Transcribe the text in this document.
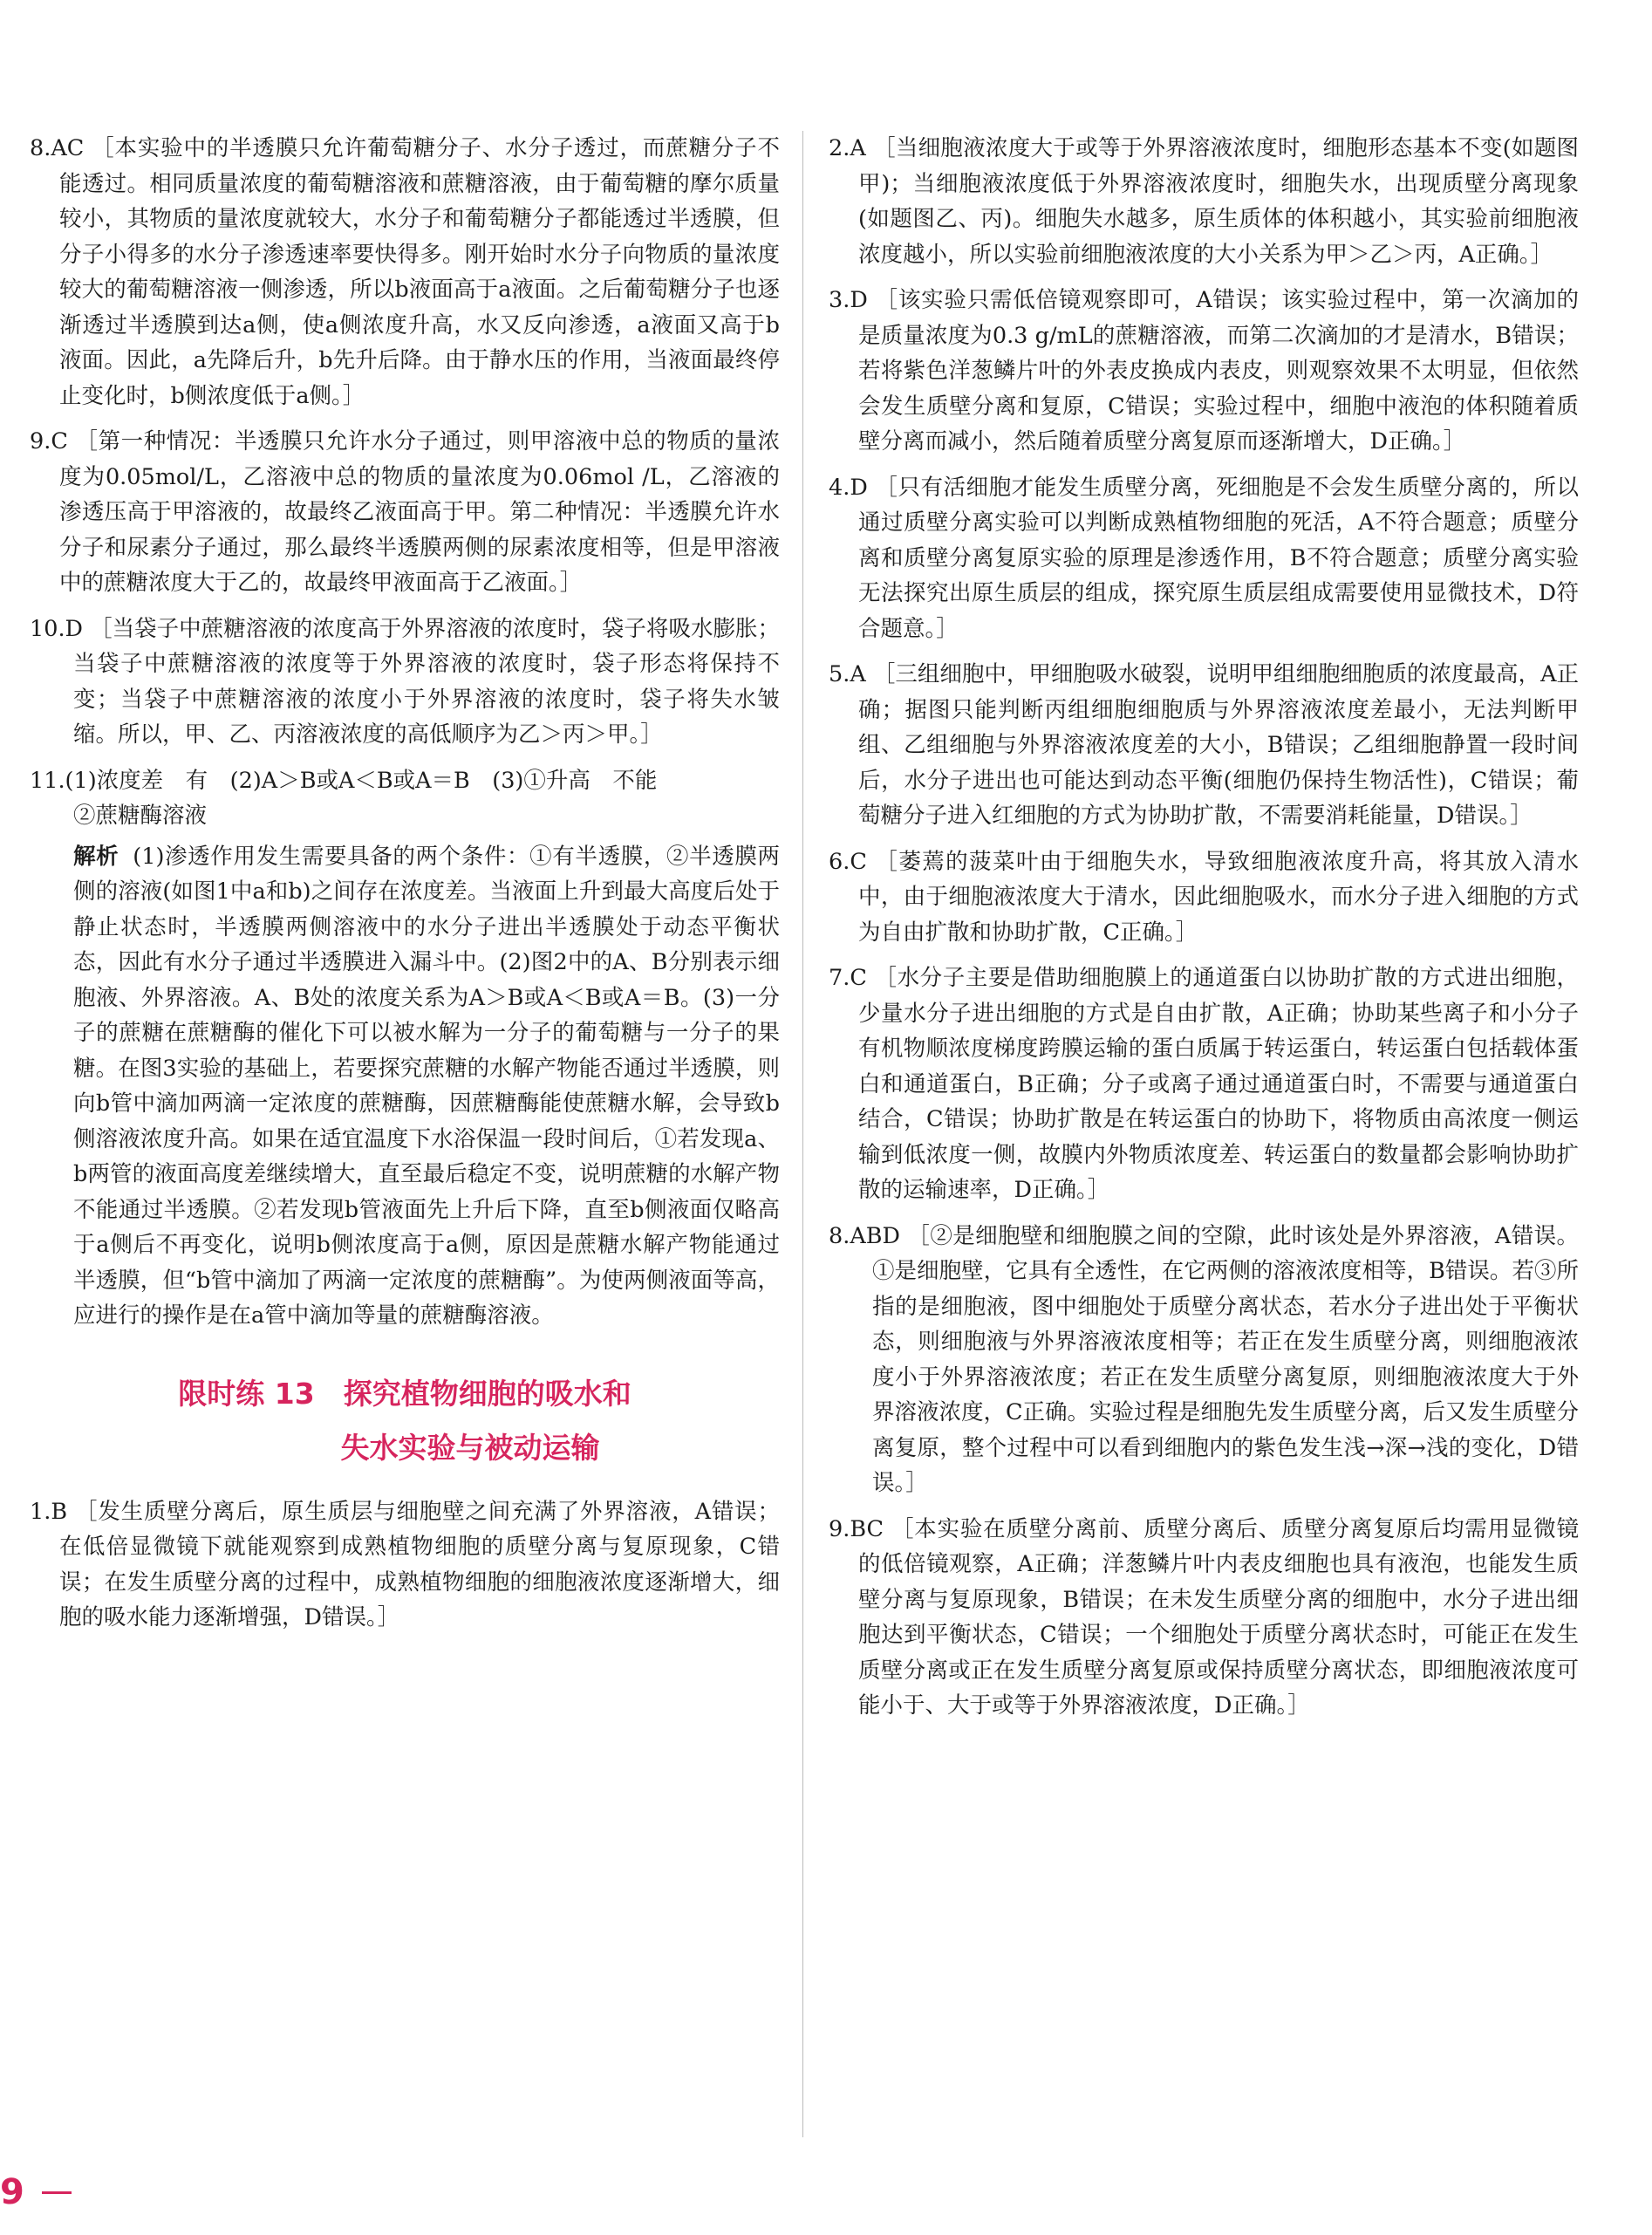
8.AC ［本实验中的半透膜只允许葡萄糖分子、水分子透过，而蔗糖分子不能透过。相同质量浓度的葡萄糖溶液和蔗糖溶液，由于葡萄糖的摩尔质量较小，其物质的量浓度就较大，水分子和葡萄糖分子都能透过半透膜，但分子小得多的水分子渗透速率要快得多。刚开始时水分子向物质的量浓度较大的葡萄糖溶液一侧渗透，所以b液面高于a液面。之后葡萄糖分子也逐渐透过半透膜到达a侧，使a侧浓度升高，水又反向渗透，a液面又高于b液面。因此，a先降后升，b先升后降。由于静水压的作用，当液面最终停止变化时，b侧浓度低于a侧。］

9.C ［第一种情况：半透膜只允许水分子通过，则甲溶液中总的物质的量浓度为0.05mol/L，乙溶液中总的物质的量浓度为0.06mol /L，乙溶液的渗透压高于甲溶液的，故最终乙液面高于甲。第二种情况：半透膜允许水分子和尿素分子通过，那么最终半透膜两侧的尿素浓度相等，但是甲溶液中的蔗糖浓度大于乙的，故最终甲液面高于乙液面。］

10.D ［当袋子中蔗糖溶液的浓度高于外界溶液的浓度时，袋子将吸水膨胀；当袋子中蔗糖溶液的浓度等于外界溶液的浓度时，袋子形态将保持不变；当袋子中蔗糖溶液的浓度小于外界溶液的浓度时，袋子将失水皱缩。所以，甲、乙、丙溶液浓度的高低顺序为乙＞丙＞甲。］

11.(1)浓度差　有　(2)A＞B或A＜B或A＝B　(3)①升高　不能

②蔗糖酶溶液

解析 (1)渗透作用发生需要具备的两个条件：①有半透膜，②半透膜两侧的溶液(如图1中a和b)之间存在浓度差。当液面上升到最大高度后处于静止状态时，半透膜两侧溶液中的水分子进出半透膜处于动态平衡状态，因此有水分子通过半透膜进入漏斗中。(2)图2中的A、B分别表示细胞液、外界溶液。A、B处的浓度关系为A＞B或A＜B或A＝B。(3)一分子的蔗糖在蔗糖酶的催化下可以被水解为一分子的葡萄糖与一分子的果糖。在图3实验的基础上，若要探究蔗糖的水解产物能否通过半透膜，则向b管中滴加两滴一定浓度的蔗糖酶，因蔗糖酶能使蔗糖水解，会导致b侧溶液浓度升高。如果在适宜温度下水浴保温一段时间后，①若发现a、b两管的液面高度差继续增大，直至最后稳定不变，说明蔗糖的水解产物不能通过半透膜。②若发现b管液面先上升后下降，直至b侧液面仅略高于a侧后不再变化，说明b侧浓度高于a侧，原因是蔗糖水解产物能通过半透膜，但“b管中滴加了两滴一定浓度的蔗糖酶”。为使两侧液面等高，应进行的操作是在a管中滴加等量的蔗糖酶溶液。

限时练 13　探究植物细胞的吸水和
失水实验与被动运输

1.B ［发生质壁分离后，原生质层与细胞壁之间充满了外界溶液，A错误；在低倍显微镜下就能观察到成熟植物细胞的质壁分离与复原现象，C错误；在发生质壁分离的过程中，成熟植物细胞的细胞液浓度逐渐增大，细胞的吸水能力逐渐增强，D错误。］

2.A ［当细胞液浓度大于或等于外界溶液浓度时，细胞形态基本不变(如题图甲)；当细胞液浓度低于外界溶液浓度时，细胞失水，出现质壁分离现象(如题图乙、丙)。细胞失水越多，原生质体的体积越小，其实验前细胞液浓度越小，所以实验前细胞液浓度的大小关系为甲＞乙＞丙，A正确。］

3.D ［该实验只需低倍镜观察即可，A错误；该实验过程中，第一次滴加的是质量浓度为0.3 g/mL的蔗糖溶液，而第二次滴加的才是清水，B错误；若将紫色洋葱鳞片叶的外表皮换成内表皮，则观察效果不太明显，但依然会发生质壁分离和复原，C错误；实验过程中，细胞中液泡的体积随着质壁分离而减小，然后随着质壁分离复原而逐渐增大，D正确。］

4.D ［只有活细胞才能发生质壁分离，死细胞是不会发生质壁分离的，所以通过质壁分离实验可以判断成熟植物细胞的死活，A不符合题意；质壁分离和质壁分离复原实验的原理是渗透作用，B不符合题意；质壁分离实验无法探究出原生质层的组成，探究原生质层组成需要使用显微技术，D符合题意。］

5.A ［三组细胞中，甲细胞吸水破裂，说明甲组细胞细胞质的浓度最高，A正确；据图只能判断丙组细胞细胞质与外界溶液浓度差最小，无法判断甲组、乙组细胞与外界溶液浓度差的大小，B错误；乙组细胞静置一段时间后，水分子进出也可能达到动态平衡(细胞仍保持生物活性)，C错误；葡萄糖分子进入红细胞的方式为协助扩散，不需要消耗能量，D错误。］

6.C ［萎蔫的菠菜叶由于细胞失水，导致细胞液浓度升高，将其放入清水中，由于细胞液浓度大于清水，因此细胞吸水，而水分子进入细胞的方式为自由扩散和协助扩散，C正确。］

7.C ［水分子主要是借助细胞膜上的通道蛋白以协助扩散的方式进出细胞，少量水分子进出细胞的方式是自由扩散，A正确；协助某些离子和小分子有机物顺浓度梯度跨膜运输的蛋白质属于转运蛋白，转运蛋白包括载体蛋白和通道蛋白，B正确；分子或离子通过通道蛋白时，不需要与通道蛋白结合，C错误；协助扩散是在转运蛋白的协助下，将物质由高浓度一侧运输到低浓度一侧，故膜内外物质浓度差、转运蛋白的数量都会影响协助扩散的运输速率，D正确。］

8.ABD ［②是细胞壁和细胞膜之间的空隙，此时该处是外界溶液，A错误。①是细胞壁，它具有全透性，在它两侧的溶液浓度相等，B错误。若③所指的是细胞液，图中细胞处于质壁分离状态，若水分子进出处于平衡状态，则细胞液与外界溶液浓度相等；若正在发生质壁分离，则细胞液浓度小于外界溶液浓度；若正在发生质壁分离复原，则细胞液浓度大于外界溶液浓度，C正确。实验过程是细胞先发生质壁分离，后又发生质壁分离复原，整个过程中可以看到细胞内的紫色发生浅→深→浅的变化，D错误。］

9.BC ［本实验在质壁分离前、质壁分离后、质壁分离复原后均需用显微镜的低倍镜观察，A正确；洋葱鳞片叶内表皮细胞也具有液泡，也能发生质壁分离与复原现象，B错误；在未发生质壁分离的细胞中，水分子进出细胞达到平衡状态，C错误；一个细胞处于质壁分离状态时，可能正在发生质壁分离或正在发生质壁分离复原或保持质壁分离状态，即细胞液浓度可能小于、大于或等于外界溶液浓度，D正确。］

9
